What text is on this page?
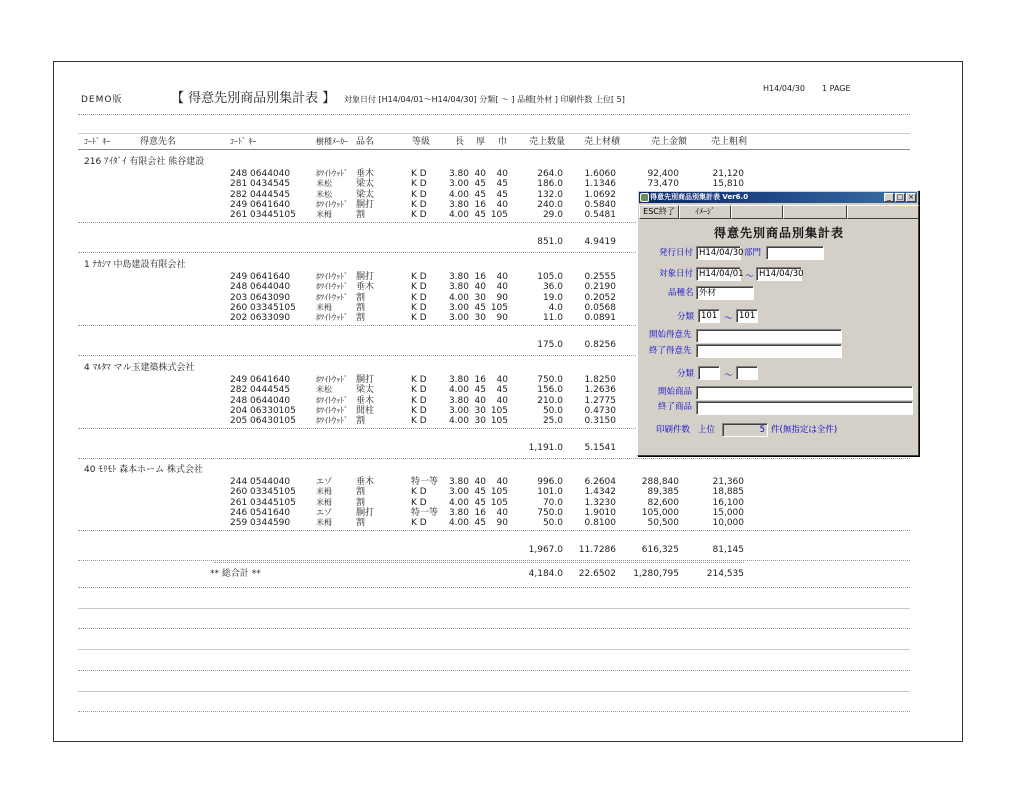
DEMO版	【 得意先別商品別集計表 】 対象日付 [H14/04/01〜H14/04/30] 分類[ 〜 ] 品種[外材 ] 印刷件数 上位[ 5]
H14/04/30 1 PAGE
ｺｰﾄﾞ ｷｰ	得意先名	ｺｰﾄﾞ ｷｰ	樹種ﾒｰｶｰ 品名	等級	長 厚 巾 売上数量 売上材積	売上金額	売上粗利
216 ｱｲﾀﾞｲ 有限会社 熊谷建設
248 0644040	ﾎﾜｲﾄｳｯﾄﾞ 垂木	K D	3.80 40	40	264.0	1.6060	92,400	21,120
281 0434545	米松	梁太	K D	3.00 45	45	186.0	1.1346	73,470	15,810
282 0444545	米松	梁太	K D	4.00 45	45	132.0	1.0692
249 0641640	ﾎﾜｲﾄｳｯﾄﾞ 胴打	K D	3.80 16	40	240.0	0.5840
261 03445105	米栂	割	K D	4.00 45 105	29.0	0.5481
851.0	4.9419
1 ﾅｶｼﾏ 中島建設有限会社
249 0641640	ﾎﾜｲﾄｳｯﾄﾞ 胴打	K D	3.80 16	40	105.0	0.2555
248 0644040	ﾎﾜｲﾄｳｯﾄﾞ 垂木	K D	3.80 40	40	36.0	0.2190
203 0643090	ﾎﾜｲﾄｳｯﾄﾞ 割	K D	4.00 30	90	19.0	0.2052
260 03345105	米栂	割	K D	3.00 45 105	4.0	0.0568
202 0633090	ﾎﾜｲﾄｳｯﾄﾞ 割	K D	3.00 30	90	11.0	0.0891
175.0	0.8256
4 ﾏﾙﾀﾏ マル玉建築株式会社
249 0641640	ﾎﾜｲﾄｳｯﾄﾞ 胴打	K D	3.80 16	40	750.0	1.8250
282 0444545	米松	梁太	K D	4.00 45	45	156.0	1.2636
248 0644040	ﾎﾜｲﾄｳｯﾄﾞ 垂木	K D	3.80 40	40	210.0	1.2775
204 06330105	ﾎﾜｲﾄｳｯﾄﾞ 間柱	K D	3.00 30 105	50.0	0.4730
205 06430105	ﾎﾜｲﾄｳｯﾄﾞ 割	K D	4.00 30 105	25.0	0.3150
1,191.0	5.1541
40 ﾓﾘﾓﾄ 森本ホーム 株式会社
244 0544040	エゾ	垂木	特一等	3.80 40	40	996.0	6.2604	288,840	21,360
260 03345105	米栂	割	K D	3.00 45 105	101.0	1.4342	89,385	18,885
261 03445105	米栂	割	K D	4.00 45 105	70.0	1.3230	82,600	16,100
246 0541640	エゾ	胴打	特一等	3.80 16	40	750.0	1.9010	105,000	15,000
259 0344590	米栂	割	K D	4.00 45	90	50.0	0.8100	50,500	10,000
1,967.0	11.7286	616,325	81,145
** 総合計 **	4,184.0	22.6502	1,280,795	214,535
得意先別商品別集計表 Ver6.0	_ □ ×
ESC終了	ｲﾒｰｼﾞ
得意先別商品別集計表
発行日付 H14/04/30 部門
対象日付 H14/04/01 〜 H14/04/30
品種名 外材
分類 101 〜 101
開始得意先
終了得意先
分類	〜
開始商品
終了商品
印刷件数 上位	5 件(無指定は全件)
